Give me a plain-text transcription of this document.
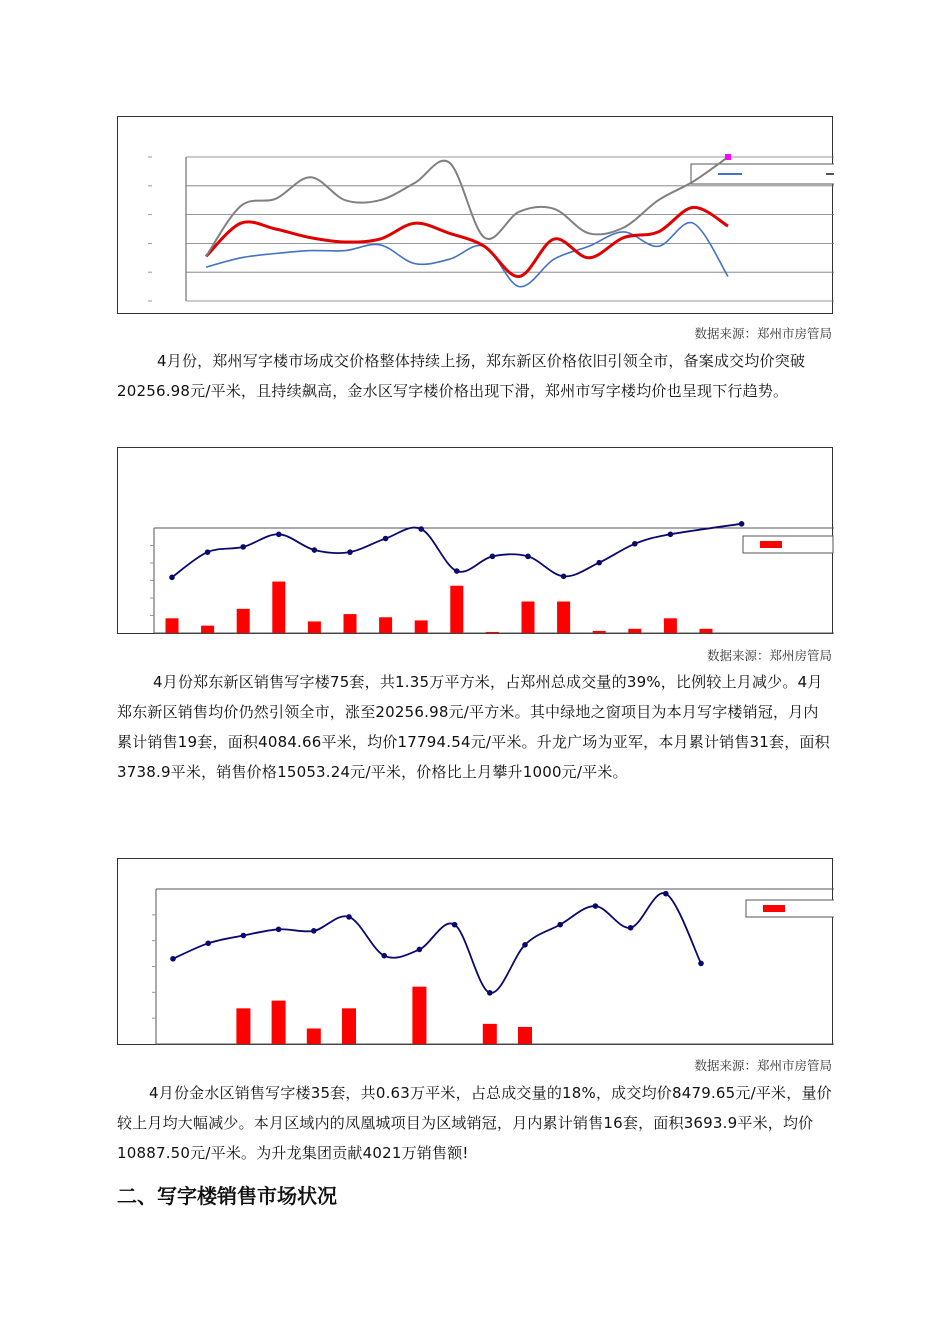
数据来源：郑州市房管局
4月份，郑州写字楼市场成交价格整体持续上扬，郑东新区价格依旧引领全市，备案成交均价突破20256.98元/平米，且持续飙高，金水区写字楼价格出现下滑，郑州市写字楼均价也呈现下行趋势。
数据来源：郑州房管局
4月份郑东新区销售写字楼75套，共1.35万平方米，占郑州总成交量的39%，比例较上月减少。4月郑东新区销售均价仍然引领全市，涨至20256.98元/平方米。其中绿地之窗项目为本月写字楼销冠，月内累计销售19套，面积4084.66平米，均价17794.54元/平米。升龙广场为亚军，本月累计销售31套，面积3738.9平米，销售价格15053.24元/平米，价格比上月攀升1000元/平米。
数据来源：郑州市房管局
4月份金水区销售写字楼35套，共0.63万平米，占总成交量的18%，成交均价8479.65元/平米，量价较上月均大幅减少。本月区域内的凤凰城项目为区域销冠，月内累计销售16套，面积3693.9平米，均价10887.50元/平米。为升龙集团贡献4021万销售额!
二、写字楼销售市场状况
